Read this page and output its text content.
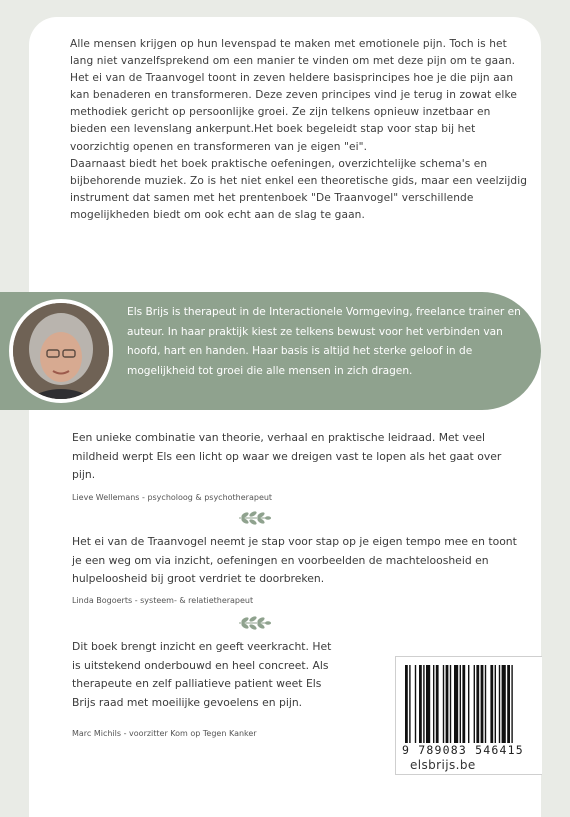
Alle mensen krijgen op hun levenspad te maken met emotionele pijn. Toch is het lang niet vanzelfsprekend om een manier te vinden om met deze pijn om te gaan.

Het ei van de Traanvogel toont in zeven heldere basisprincipes hoe je die pijn aan kan benaderen en transformeren. Deze zeven principes vind je terug in zowat elke methodiek gericht op persoonlijke groei. Ze zijn telkens opnieuw inzetbaar en bieden een levenslang ankerpunt.Het boek begeleidt stap voor stap bij het voorzichtig openen en transformeren van je eigen "ei".

Daarnaast biedt het boek praktische oefeningen, overzichtelijke schema's en bijbehorende muziek. Zo is het niet enkel een theoretische gids, maar een veelzijdig instrument dat samen met het prentenboek "De Traanvogel" verschillende mogelijkheden biedt om ook echt aan de slag te gaan.

Els Brijs is therapeut in de Interactionele Vormgeving, freelance trainer en auteur. In haar praktijk kiest ze telkens bewust voor het verbinden van hoofd, hart en handen. Haar basis is altijd het sterke geloof in de mogelijkheid tot groei die alle mensen in zich dragen.
Een unieke combinatie van theorie, verhaal en praktische leidraad. Met veel mildheid werpt Els een licht op waar we dreigen vast te lopen als het gaat over pijn.
Lieve Wellemans - psycholoog & psychotherapeut
Het ei van de Traanvogel neemt je stap voor stap op je eigen tempo mee en toont je een weg om via inzicht, oefeningen en voorbeelden de machteloosheid en hulpeloosheid bij groot verdriet te doorbreken.
Linda Bogoerts - systeem- & relatietherapeut
Dit boek brengt inzicht en geeft veerkracht. Het is uitstekend onderbouwd en heel concreet. Als therapeute en zelf palliatieve patient weet Els Brijs raad met moeilijke gevoelens en pijn.
Marc Michils - voorzitter Kom op Tegen Kanker
9 789083 546415
elsbrijs.be
